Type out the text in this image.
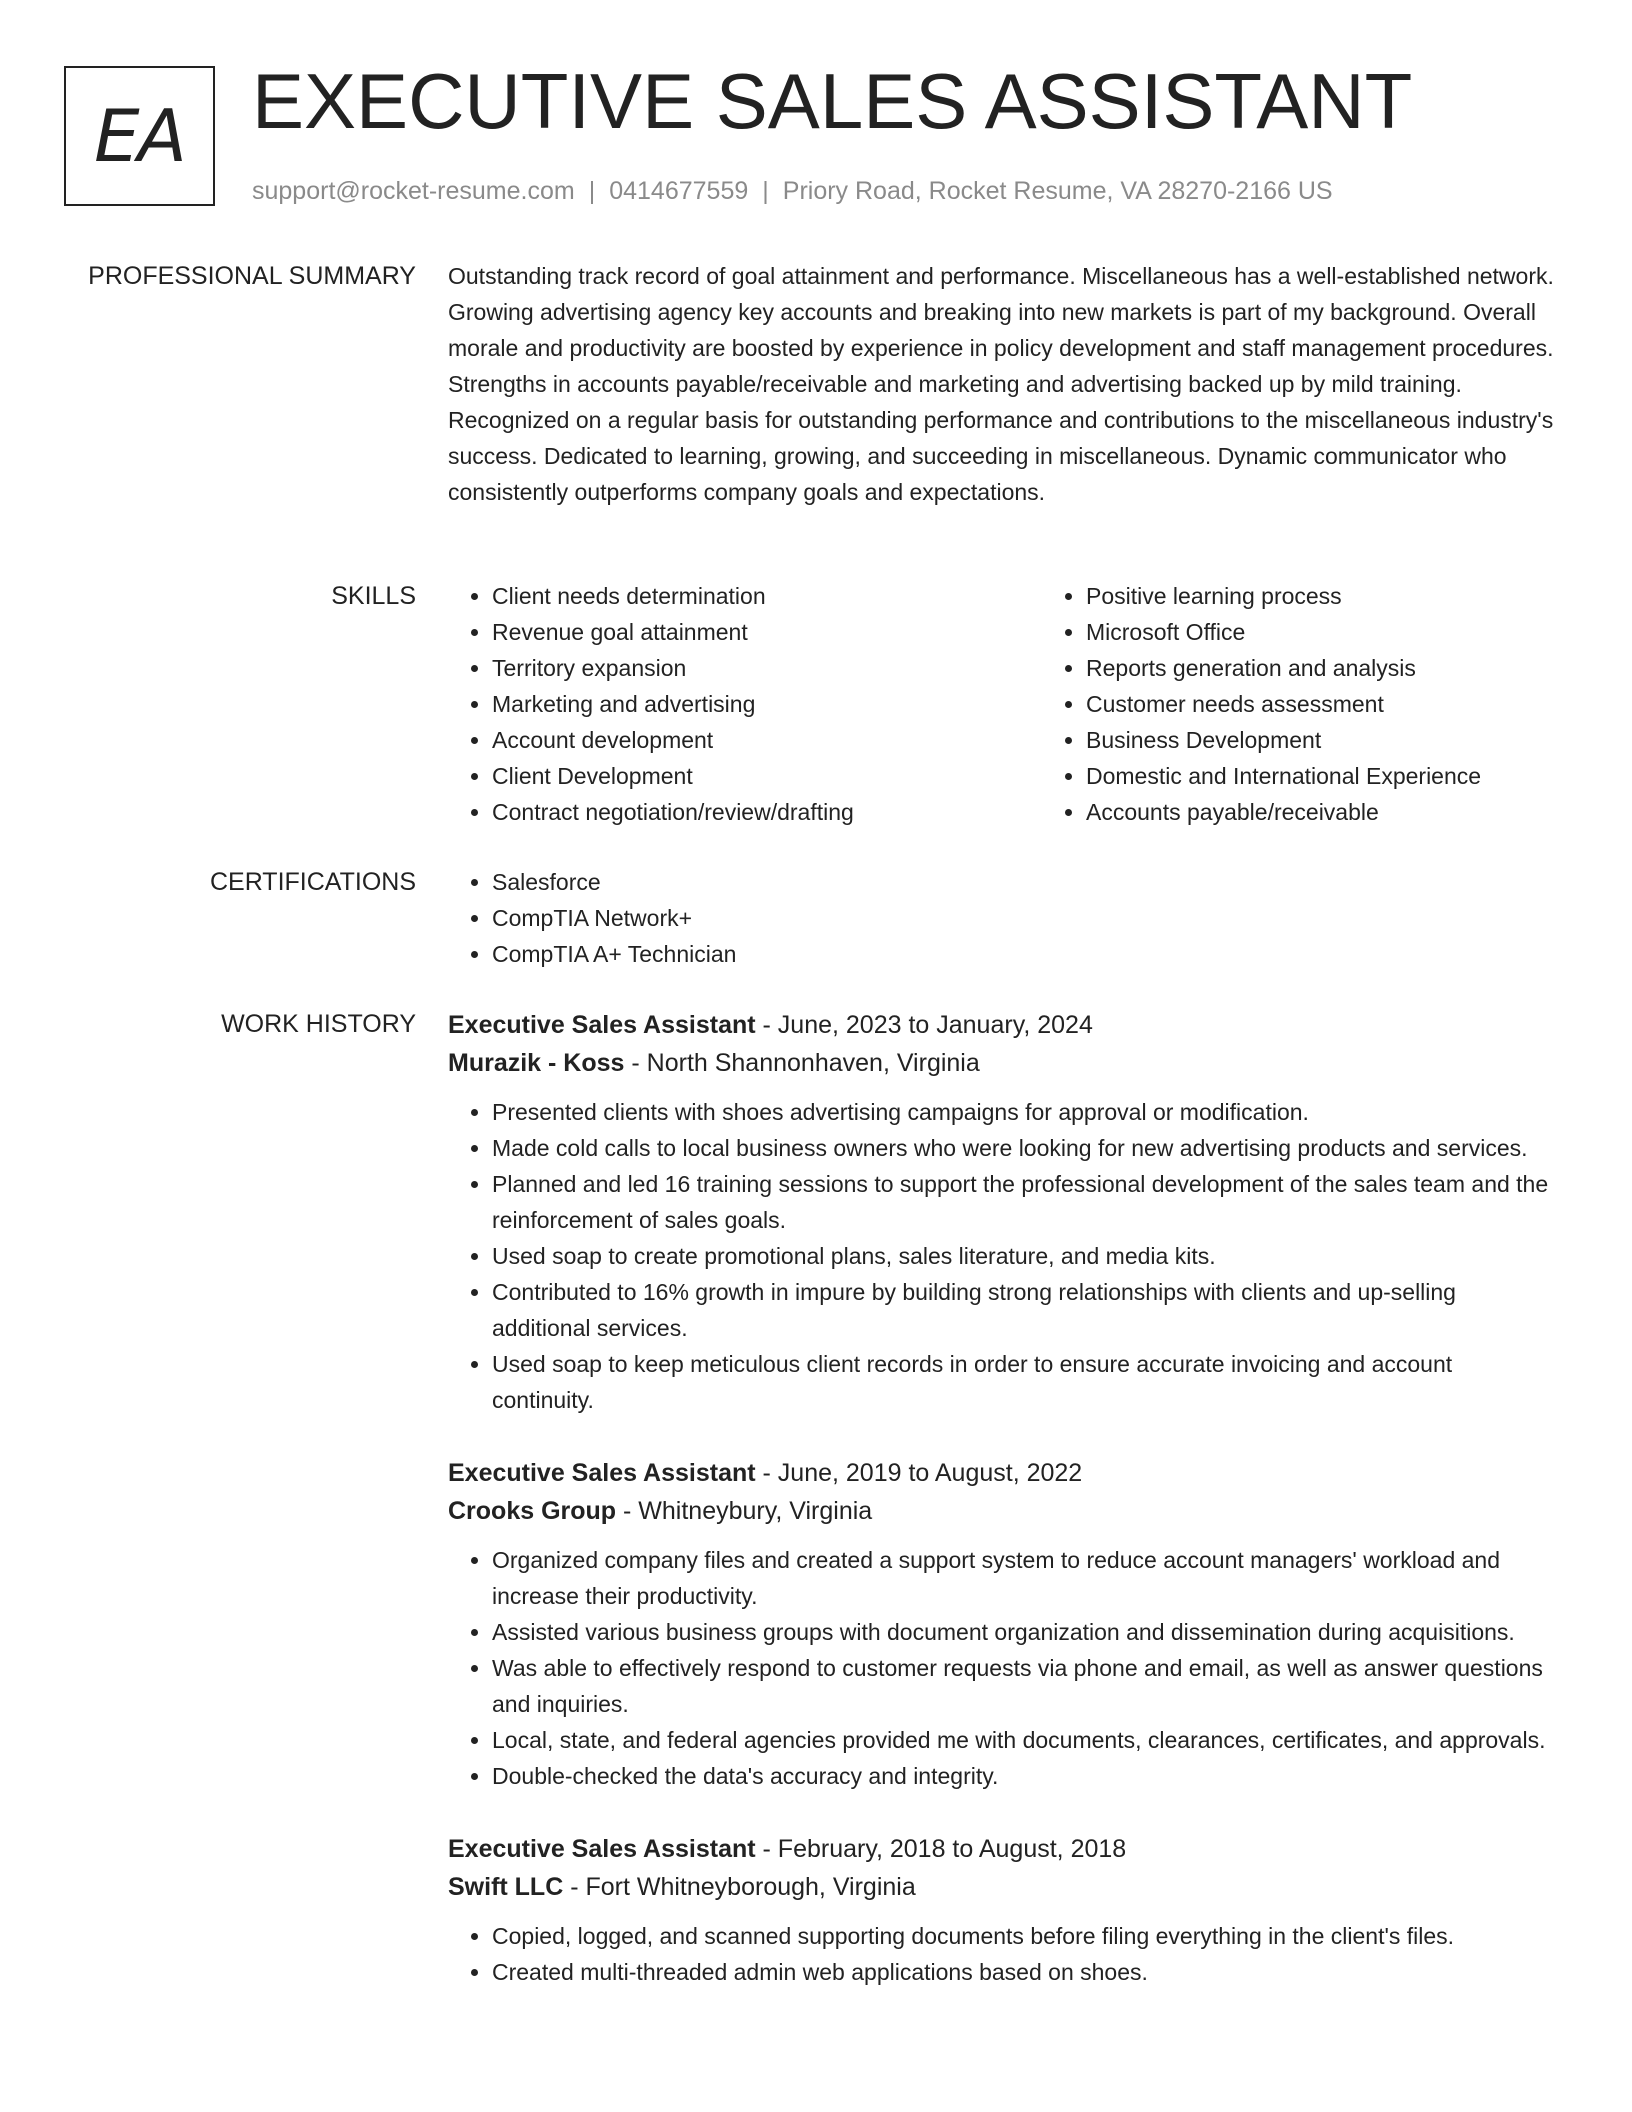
EA EXECUTIVE SALES ASSISTANT
support@rocket-resume.com | 0414677559 | Priory Road, Rocket Resume, VA 28270-2166 US
PROFESSIONAL SUMMARY Outstanding track record of goal attainment and performance. Miscellaneous has a well-established network. Growing advertising agency key accounts and breaking into new markets is part of my background. Overall morale and productivity are boosted by experience in policy development and staff management procedures. Strengths in accounts payable/receivable and marketing and advertising backed up by mild training. Recognized on a regular basis for outstanding performance and contributions to the miscellaneous industry's success. Dedicated to learning, growing, and succeeding in miscellaneous. Dynamic communicator who consistently outperforms company goals and expectations.

SKILLS	• Client needs determination
• Revenue goal attainment
• Territory expansion
• Marketing and advertising
• Account development
• Client Development
• Contract negotiation/review/drafting
• Positive learning process
• Microsoft Office
• Reports generation and analysis
• Customer needs assessment
• Business Development
• Domestic and International Experience
• Accounts payable/receivable
CERTIFICATIONS	• Salesforce
• CompTIA Network+
• CompTIA A+ Technician
WORK HISTORY Executive Sales Assistant - June, 2023 to January, 2024
Murazik - Koss - North Shannonhaven, Virginia
• Presented clients with shoes advertising campaigns for approval or modification.
• Made cold calls to local business owners who were looking for new advertising products and services.
• Planned and led 16 training sessions to support the professional development of the sales team and the reinforcement of sales goals.
• Used soap to create promotional plans, sales literature, and media kits.
• Contributed to 16% growth in impure by building strong relationships with clients and up-selling additional services.
• Used soap to keep meticulous client records in order to ensure accurate invoicing and account continuity.
Executive Sales Assistant - June, 2019 to August, 2022
Crooks Group - Whitneybury, Virginia
• Organized company files and created a support system to reduce account managers' workload and increase their productivity.
• Assisted various business groups with document organization and dissemination during acquisitions.
• Was able to effectively respond to customer requests via phone and email, as well as answer questions and inquiries.
• Local, state, and federal agencies provided me with documents, clearances, certificates, and approvals.
• Double-checked the data's accuracy and integrity.
Executive Sales Assistant - February, 2018 to August, 2018
Swift LLC - Fort Whitneyborough, Virginia
• Copied, logged, and scanned supporting documents before filing everything in the client's files.
• Created multi-threaded admin web applications based on shoes.
